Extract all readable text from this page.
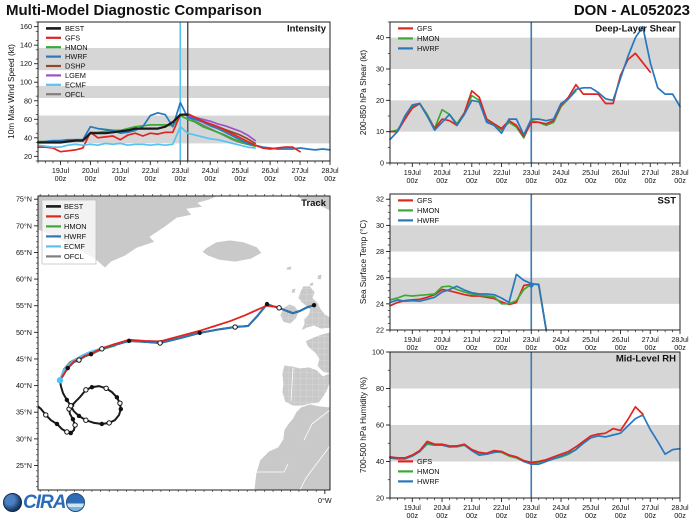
Multi-Model Diagnostic Comparison	DON - AL052023
20
40
60
80
100
120
140
160
19Jul
00z
20Jul
00z
21Jul
00z
22Jul
00z
23Jul
00z
24Jul
00z
25Jul
00z
26Jul
00z
27Jul
00z
28Jul
00z
Intensity
10m Max Wind Speed (kt)
BEST
GFS
HMON
HWRF
DSHP
LGEM
ECMF
OFCL
0
10
20
30
40
19Jul
00z
20Jul
00z
21Jul
00z
22Jul
00z
23Jul
00z
24Jul
00z
25Jul
00z
26Jul
00z
27Jul
00z
28Jul
00z
Deep-Layer Shear
200-850 hPa Shear (kt)
GFS
HMON
HWRF
22
24
26
28
30
32
19Jul
00z
20Jul
00z
21Jul
00z
22Jul
00z
23Jul
00z
24Jul
00z
25Jul
00z
26Jul
00z
27Jul
00z
28Jul
00z
SST
Sea Surface Temp (°C)
GFS
HMON
HWRF
20
40
60
80
100
19Jul
00z
20Jul
00z
21Jul
00z
22Jul
00z
23Jul
00z
24Jul
00z
25Jul
00z
26Jul
00z
27Jul
00z
28Jul
00z
Mid-Level RH
700-500 hPa Humidity (%)	GFS
HMON
HWRF
25°N
30°N
35°N
40°N
45°N
50°N
55°N
60°N
65°N
70°N
75°N
0°W
Track
BEST
GFS
HMON
HWRF
ECMF
OFCL
CIRA
